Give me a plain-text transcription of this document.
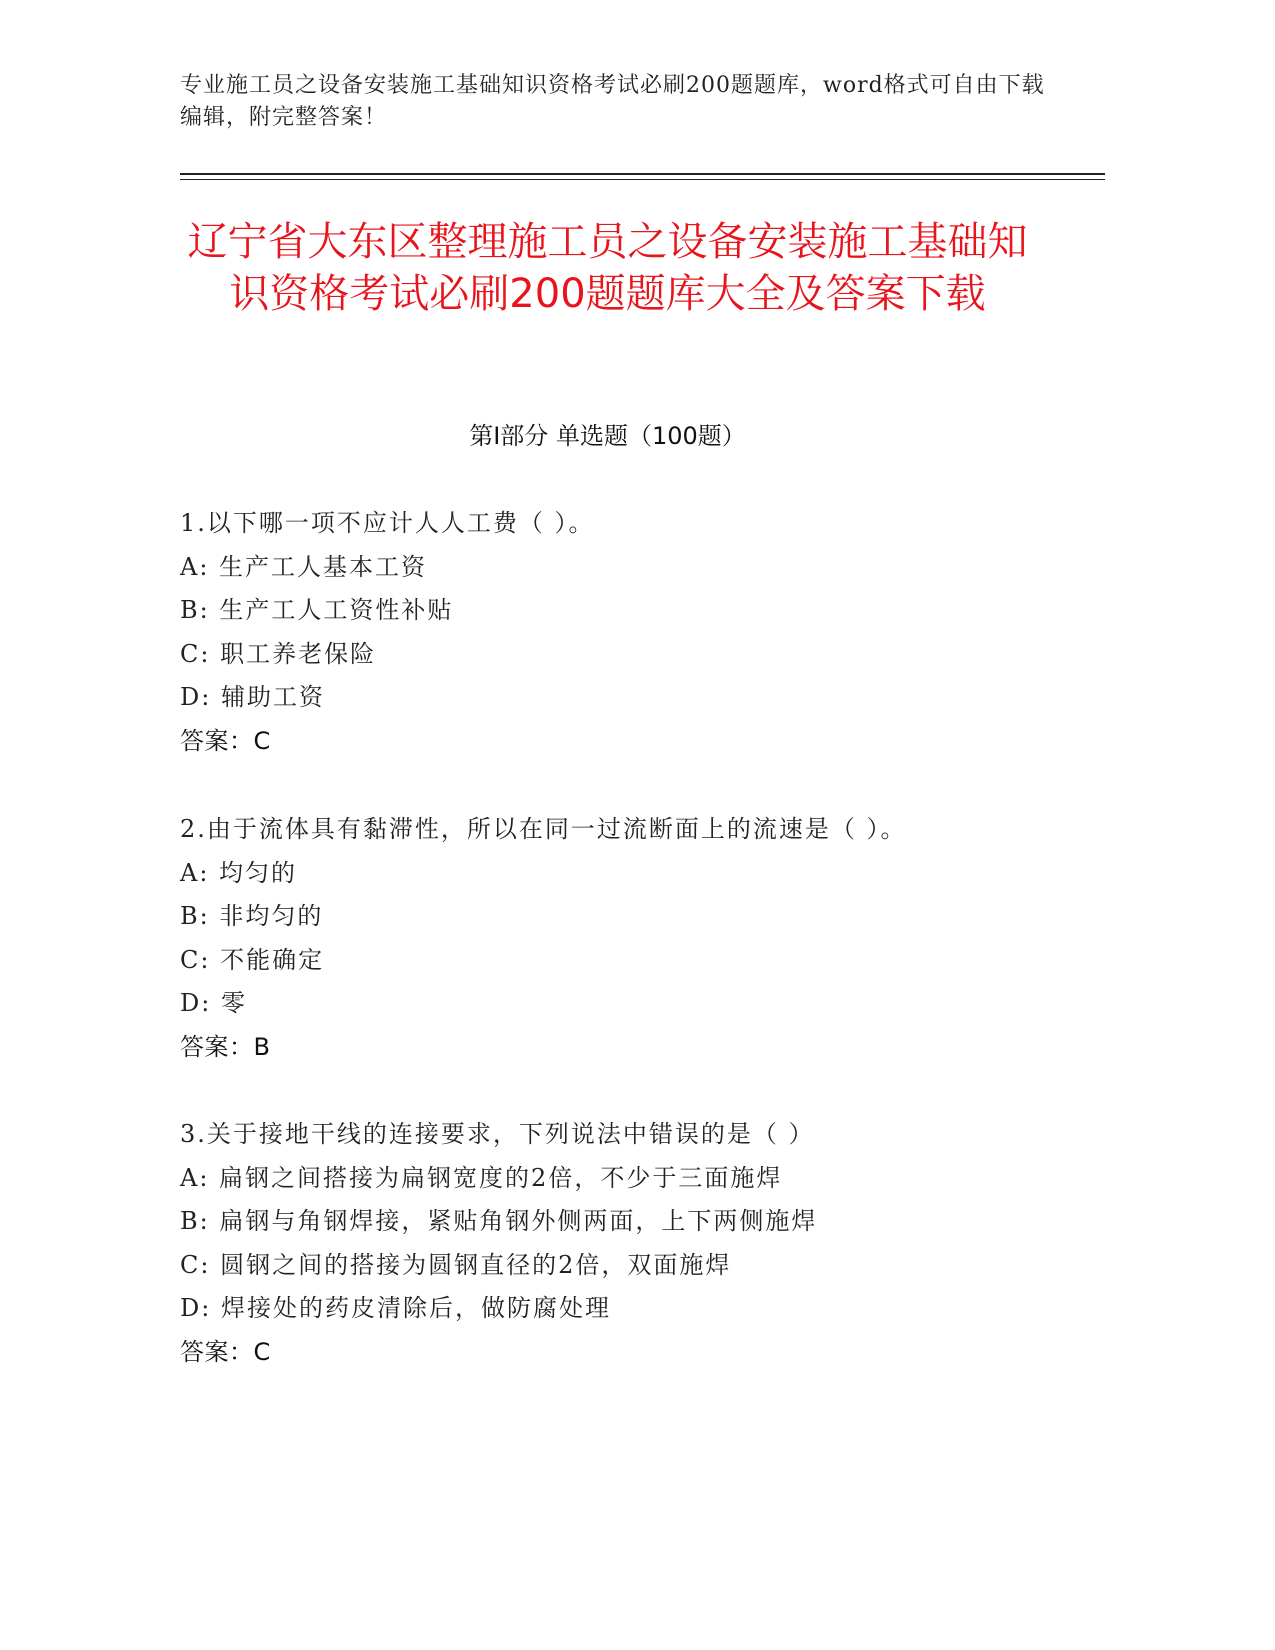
专业施工员之设备安装施工基础知识资格考试必刷200题题库，word格式可自由下载编辑，附完整答案！
辽宁省大东区整理施工员之设备安装施工基础知识资格考试必刷200题题库大全及答案下载
第Ⅰ部分 单选题（100题）
1.以下哪一项不应计人人工费（ ）。
A: 生产工人基本工资
B: 生产工人工资性补贴
C: 职工养老保险
D: 辅助工资
答案：C
2.由于流体具有黏滞性，所以在同一过流断面上的流速是（ ）。
A: 均匀的
B: 非均匀的
C: 不能确定
D: 零
答案：B
3.关于接地干线的连接要求，下列说法中错误的是（ ）
A: 扁钢之间搭接为扁钢宽度的2倍，不少于三面施焊
B: 扁钢与角钢焊接，紧贴角钢外侧两面，上下两侧施焊
C: 圆钢之间的搭接为圆钢直径的2倍，双面施焊
D: 焊接处的药皮清除后，做防腐处理
答案：C
